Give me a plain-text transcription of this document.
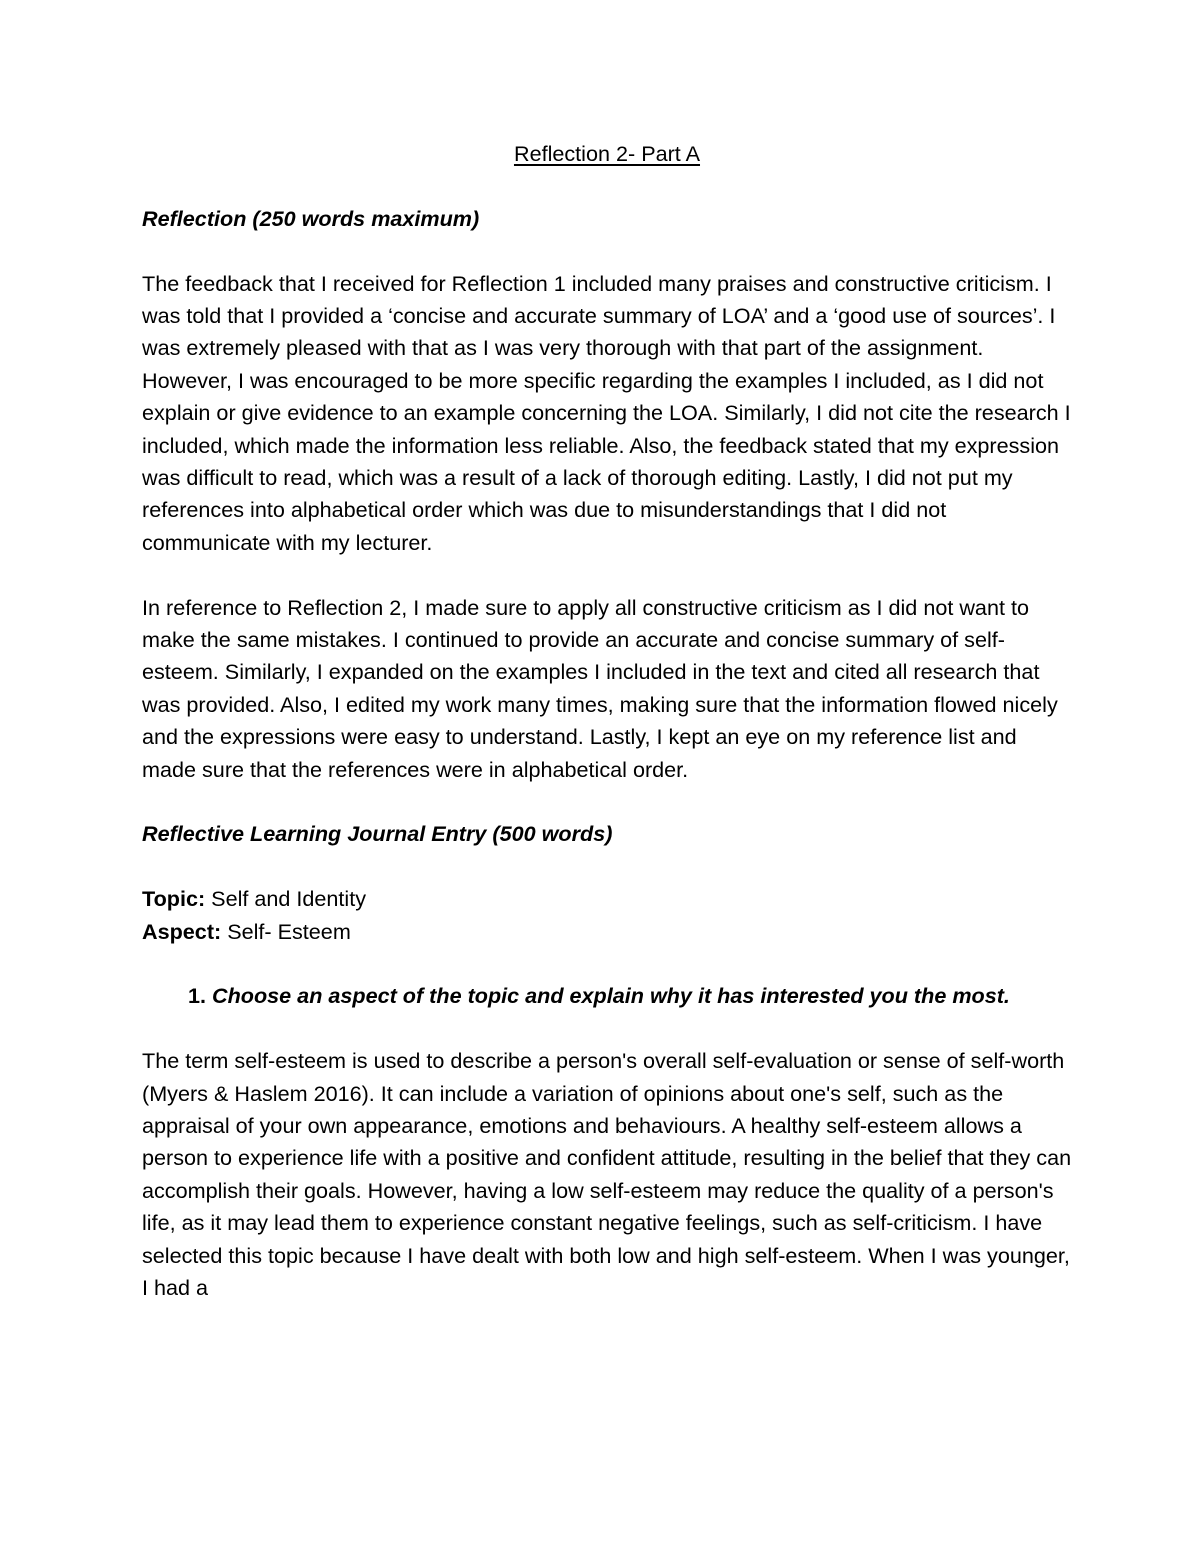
Reflection 2- Part A

Reflection (250 words maximum)

The feedback that I received for Reflection 1 included many praises and constructive criticism. I was told that I provided a ‘concise and accurate summary of LOA’ and a ‘good use of sources’. I was extremely pleased with that as I was very thorough with that part of the assignment. However, I was encouraged to be more specific regarding the examples I included, as I did not explain or give evidence to an example concerning the LOA. Similarly, I did not cite the research I included, which made the information less reliable. Also, the feedback stated that my expression was difficult to read, which was a result of a lack of thorough editing. Lastly, I did not put my references into alphabetical order which was due to misunderstandings that I did not communicate with my lecturer.

In reference to Reflection 2, I made sure to apply all constructive criticism as I did not want to make the same mistakes. I continued to provide an accurate and concise summary of self-esteem. Similarly, I expanded on the examples I included in the text and cited all research that was provided. Also, I edited my work many times, making sure that the information flowed nicely and the expressions were easy to understand. Lastly, I kept an eye on my reference list and made sure that the references were in alphabetical order.

Reflective Learning Journal Entry (500 words)

Topic: Self and Identity

Aspect: Self- Esteem

1. Choose an aspect of the topic and explain why it has interested you the most.

The term self-esteem is used to describe a person's overall self-evaluation or sense of self-worth (Myers & Haslem 2016). It can include a variation of opinions about one's self, such as the appraisal of your own appearance, emotions and behaviours. A healthy self-esteem allows a person to experience life with a positive and confident attitude, resulting in the belief that they can accomplish their goals. However, having a low self-esteem may reduce the quality of a person's life, as it may lead them to experience constant negative feelings, such as self-criticism. I have selected this topic because I have dealt with both low and high self-esteem. When I was younger, I had a
